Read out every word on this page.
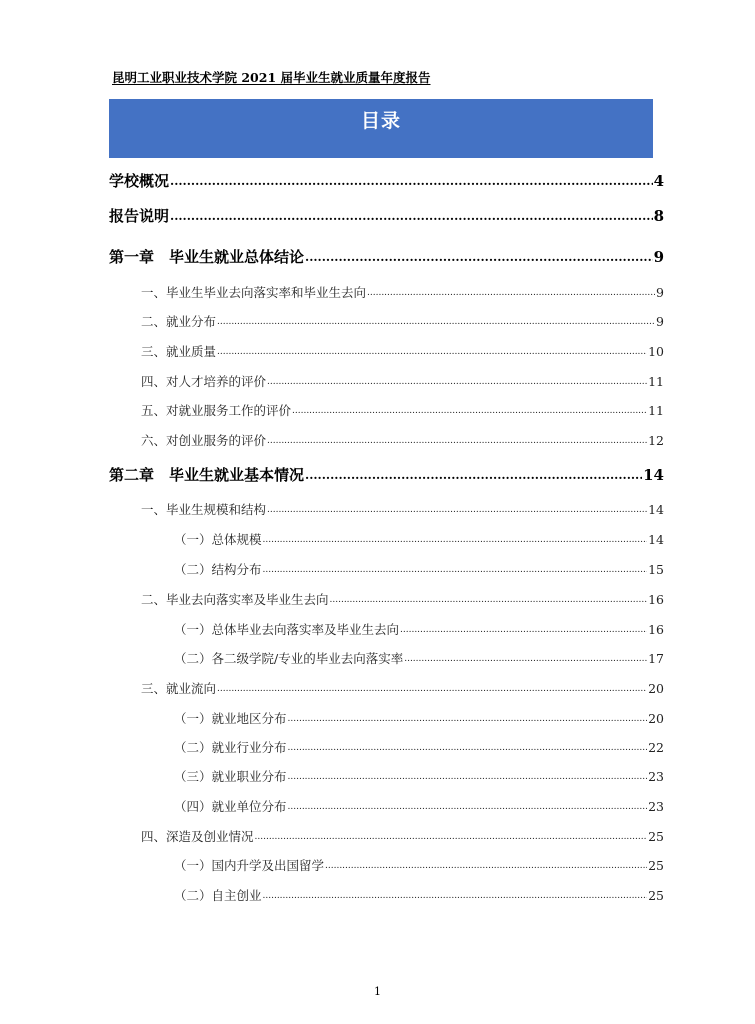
昆明工业职业技术学院 2021 届毕业生就业质量年度报告
目录
学校概况 .....	4
报告说明 .....	8
第一章　毕业生就业总体结论 .....	9
一、毕业生毕业去向落实率和毕业生去向 .....	9
二、就业分布 .....	9
三、就业质量 .....	10
四、对人才培养的评价 .....	11
五、对就业服务工作的评价 .....	11
六、对创业服务的评价 .....	12
第二章　毕业生就业基本情况 .....	14
一、毕业生规模和结构 .....	14
（一）总体规模 .....	14
（二）结构分布 .....	15
二、毕业去向落实率及毕业生去向 .....	16
（一）总体毕业去向落实率及毕业生去向 .....	16
（二）各二级学院/专业的毕业去向落实率 .....	17
三、就业流向 .....	20
（一）就业地区分布 .....	20
（二）就业行业分布 .....	22
（三）就业职业分布 .....	23
（四）就业单位分布 .....	23
四、深造及创业情况 .....	25
（一）国内升学及出国留学 .....	25
（二）自主创业 .....	25
1
